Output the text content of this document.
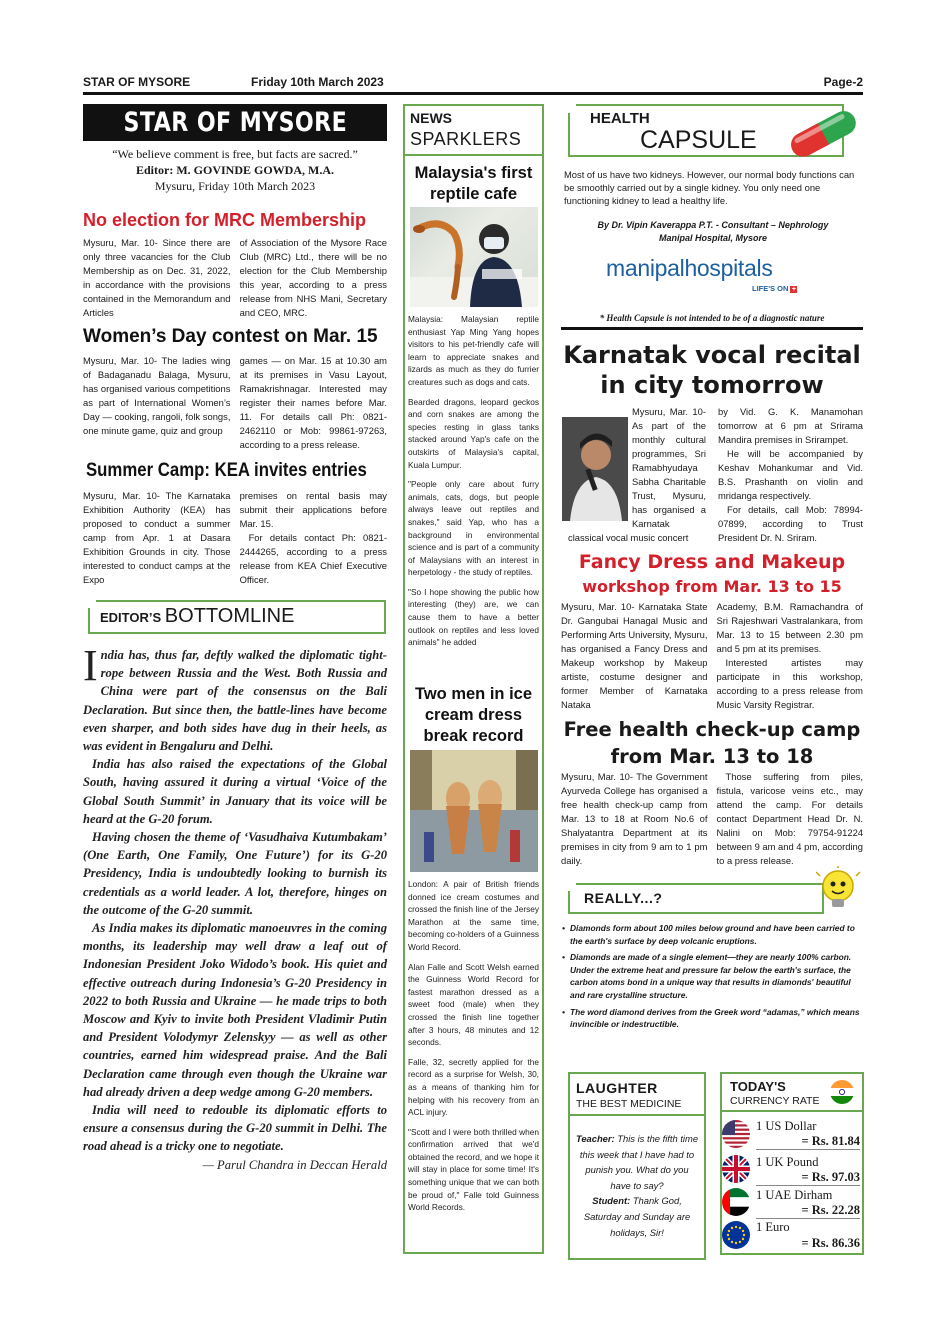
STAR OF MYSORE	Friday 10th March 2023	Page-2
STAR OF MYSORE
“We believe comment is free, but facts are sacred.”
Editor: M. GOVINDE GOWDA, M.A.
Mysuru, Friday 10th March 2023
No election for MRC Membership

Mysuru, Mar. 10- Since there are only three vacancies for the Club Membership as on Dec. 31, 2022, in accordance with the provisions contained in the Memorandum and Articles

of Association of the Mysore Race Club (MRC) Ltd., there will be no election for the Club Membership this year, according to a press release from NHS Mani, Secretary and CEO, MRC.

Women’s Day contest on Mar. 15

Mysuru, Mar. 10- The ladies wing of Badaganadu Balaga, Mysuru, has organised various competitions as part of International Women’s Day — cooking, rangoli, folk songs, one minute game, quiz and group

games — on Mar. 15 at 10.30 am at its premises in Vasu Layout, Ramakrishnagar. Interested may register their names before Mar. 11. For details call Ph: 0821-2462110 or Mob: 99861-97263, according to a press release.

Summer Camp: KEA invites entries

Mysuru, Mar. 10- The Karnataka Exhibition Authority (KEA) has proposed to conduct a summer camp from Apr. 1 at Dasara Exhibition Grounds in city. Those interested to conduct camps at the Expo

premises on rental basis may submit their applications before Mar. 15.

For details contact Ph: 0821-2444265, according to a press release from KEA Chief Executive Officer.

EDITOR’S BOTTOMLINE

India has, thus far, deftly walked the diplomatic tight-rope between Russia and the West. Both Russia and China were part of the consensus on the Bali Declaration. But since then, the battle-lines have become even sharper, and both sides have dug in their heels, as was evident in Bengaluru and Delhi.

India has also raised the expectations of the Global South, having assured it during a virtual ‘Voice of the Global South Summit’ in January that its voice will be heard at the G-20 forum.

Having chosen the theme of ‘Vasudhaiva Kutumbakam’ (One Earth, One Family, One Future’) for its G-20 Presidency, India is undoubtedly looking to burnish its credentials as a world leader. A lot, therefore, hinges on the outcome of the G-20 summit.

As India makes its diplomatic manoeuvres in the coming months, its leadership may well draw a leaf out of Indonesian President Joko Widodo’s book. His quiet and effective outreach during Indonesia’s G-20 Presidency in 2022 to both Russia and Ukraine — he made trips to both Moscow and Kyiv to invite both President Vladimir Putin and President Volodymyr Zelenskyy — as well as other countries, earned him widespread praise. And the Bali Declaration came through even though the Ukraine war had already driven a deep wedge among G-20 members.

India will need to redouble its diplomatic efforts to ensure a consensus during the G-20 summit in Delhi. The road ahead is a tricky one to negotiate.

— Parul Chandra in Deccan Herald

NEWS
SPARKLERS
Malaysia's first reptile cafe

Malaysia: Malaysian reptile enthusiast Yap Ming Yang hopes visitors to his pet-friendly cafe will learn to appreciate snakes and lizards as much as they do furrier creatures such as dogs and cats.

Bearded dragons, leopard geckos and corn snakes are among the species resting in glass tanks stacked around Yap's cafe on the outskirts of Malaysia's capital, Kuala Lumpur.

"People only care about furry animals, cats, dogs, but people always leave out reptiles and snakes," said Yap, who has a background in environmental science and is part of a community of Malaysians with an interest in herpetology - the study of reptiles.

"So I hope showing the public how interesting (they) are, we can cause them to have a better outlook on reptiles and less loved animals" he added

Two men in ice cream dress break record

London: A pair of British friends donned ice cream costumes and crossed the finish line of the Jersey Marathon at the same time, becoming co-holders of a Guinness World Record.

Alan Falle and Scott Welsh earned the Guinness World Record for fastest marathon dressed as a sweet food (male) when they crossed the finish line together after 3 hours, 48 minutes and 12 seconds.

Falle, 32, secretly applied for the record as a surprise for Welsh, 30, as a means of thanking him for helping with his recovery from an ACL injury.

"Scott and I were both thrilled when confirmation arrived that we'd obtained the record, and we hope it will stay in place for some time! It's something unique that we can both be proud of," Falle told Guinness World Records.

HEALTH
CAPSULE

Most of us have two kidneys. However, our normal body functions can be smoothly carried out by a single kidney. You only need one functioning kidney to lead a healthy life.

By Dr. Vipin Kaverappa P.T. - Consultant – Nephrology

Manipal Hospital, Mysore

manipalhospitals
LIFE'S ON +
* Health Capsule is not intended to be of a diagnostic nature
Karnatak vocal recital
in city tomorrow
Mysuru, Mar. 10- As part of the monthly cultural programmes, Sri Ramabhyudaya Sabha Charitable Trust, Mysuru, has organised a Karnatak classical vocal music concert

by Vid. G. K. Manamohan tomorrow at 6 pm at Srirama Mandira premises in Srirampet.

He will be accompanied by Keshav Mohankumar and Vid. B.S. Prashanth on violin and mridanga respectively.

For details, call Mob: 78994-07899, according to Trust President Dr. N. Sriram.

Fancy Dress and Makeup
workshop from Mar. 13 to 15

Mysuru, Mar. 10- Karnataka State Dr. Gangubai Hanagal Music and Performing Arts University, Mysuru, has organised a Fancy Dress and Makeup workshop by Makeup artiste, costume designer and former Member of Karnataka Nataka

Academy, B.M. Ramachandra of Sri Rajeshwari Vastralankara, from Mar. 13 to 15 between 2.30 pm and 5 pm at its premises.

Interested artistes may participate in this workshop, according to a press release from Music Varsity Registrar.

Free health check-up camp
from Mar. 13 to 18

Mysuru, Mar. 10- The Government Ayurveda College has organised a free health check-up camp from Mar. 13 to 18 at Room No.6 of Shalyatantra Department at its premises in city from 9 am to 1 pm daily.

Those suffering from piles, fistula, varicose veins etc., may attend the camp. For details contact Department Head Dr. N. Nalini on Mob: 79754-91224 between 9 am and 4 pm, according to a press release.

REALLY...?
• Diamonds form about 100 miles below ground and have been carried to the earth's surface by deep volcanic eruptions.
• Diamonds are made of a single element—they are nearly 100% carbon. Under the extreme heat and pressure far below the earth's surface, the carbon atoms bond in a unique way that results in diamonds' beautiful and rare crystalline structure.
• The word diamond derives from the Greek word “adamas,” which means invincible or indestructible.
LAUGHTER
THE BEST MEDICINE

Teacher: This is the fifth time this week that I have had to punish you. What do you have to say?

Student: Thank God, Saturday and Sunday are holidays, Sir!

TODAY'S
CURRENCY RATE
1 US Dollar
= Rs. 81.84
1 UK Pound
= Rs. 97.03
1 UAE Dirham
= Rs. 22.28
1 Euro
= Rs. 86.36
